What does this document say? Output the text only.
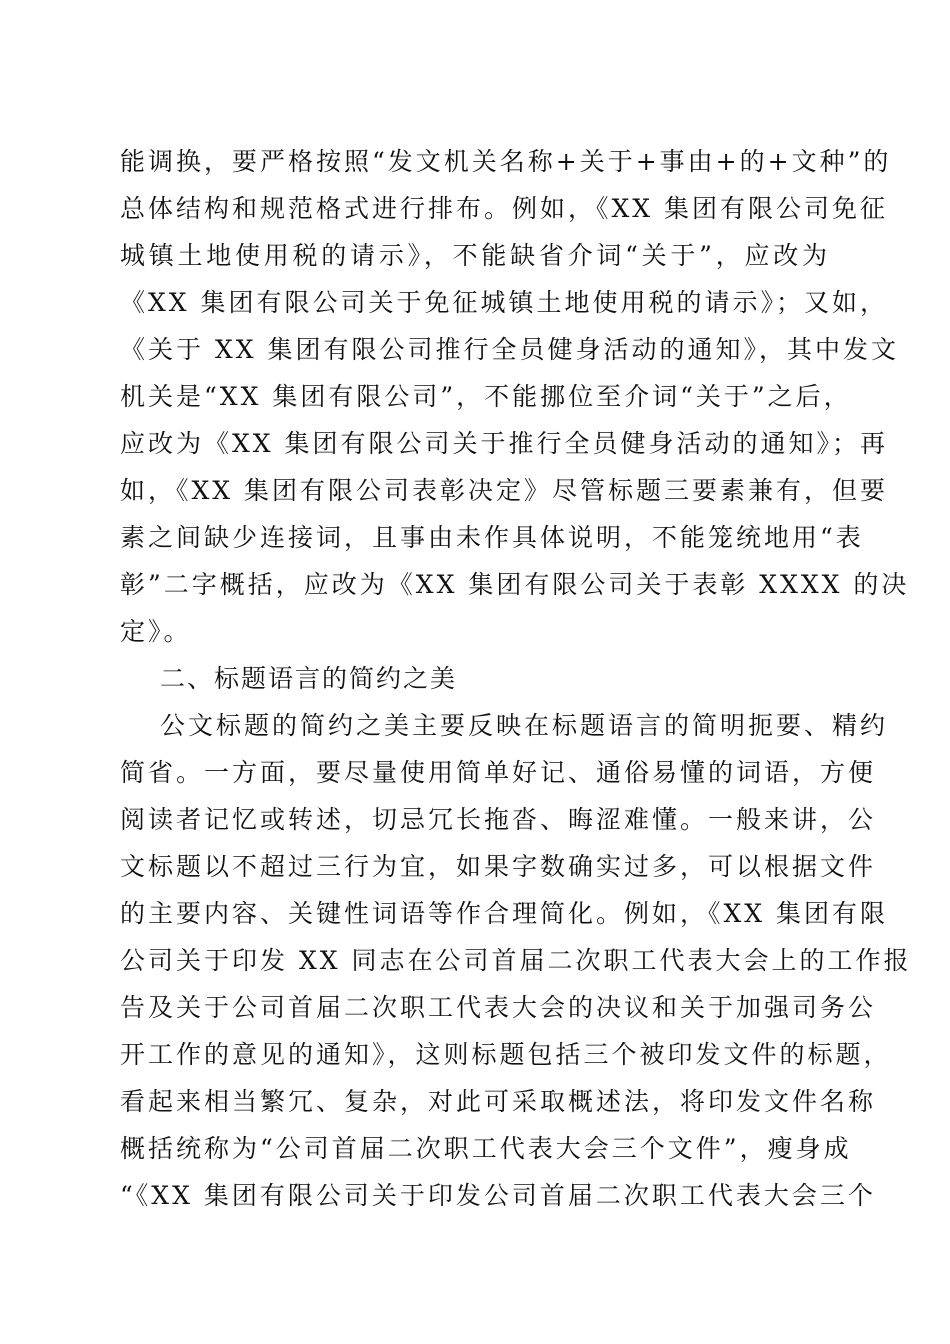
能调换，要严格按照“发文机关名称+关于+事由+的+文种”的
总体结构和规范格式进行排布。例如，《XX 集团有限公司免征
城镇土地使用税的请示》，不能缺省介词“关于”，应改为
《XX 集团有限公司关于免征城镇土地使用税的请示》；又如，
《关于 XX 集团有限公司推行全员健身活动的通知》，其中发文
机关是“XX 集团有限公司”，不能挪位至介词“关于”之后，
应改为《XX 集团有限公司关于推行全员健身活动的通知》；再
如，《XX 集团有限公司表彰决定》尽管标题三要素兼有，但要
素之间缺少连接词，且事由未作具体说明，不能笼统地用“表
彰”二字概括，应改为《XX 集团有限公司关于表彰 XXXX 的决
定》。
二、标题语言的简约之美
公文标题的简约之美主要反映在标题语言的简明扼要、精约
简省。一方面，要尽量使用简单好记、通俗易懂的词语，方便
阅读者记忆或转述，切忌冗长拖沓、晦涩难懂。一般来讲，公
文标题以不超过三行为宜，如果字数确实过多，可以根据文件
的主要内容、关键性词语等作合理简化。例如，《XX 集团有限
公司关于印发 XX 同志在公司首届二次职工代表大会上的工作报
告及关于公司首届二次职工代表大会的决议和关于加强司务公
开工作的意见的通知》，这则标题包括三个被印发文件的标题，
看起来相当繁冗、复杂，对此可采取概述法，将印发文件名称
概括统称为“公司首届二次职工代表大会三个文件”，瘦身成
“《XX 集团有限公司关于印发公司首届二次职工代表大会三个
